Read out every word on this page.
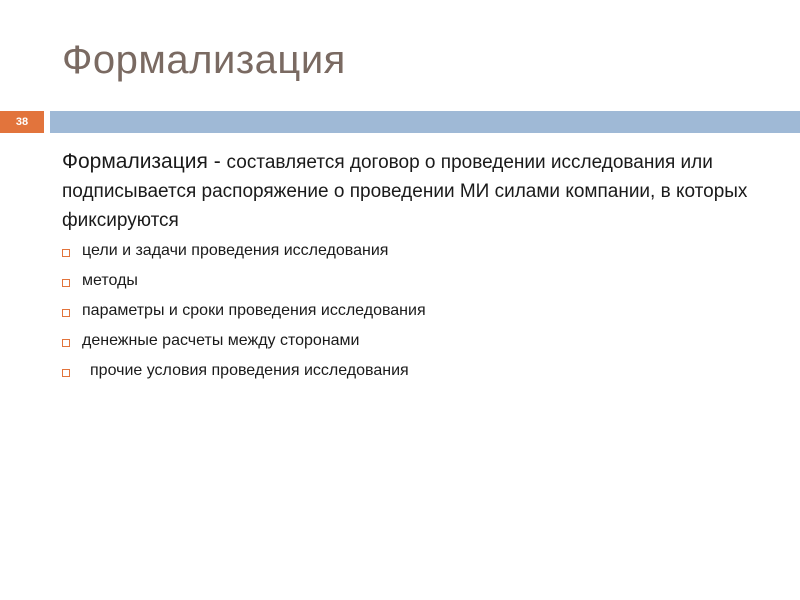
Формализация
38
Формализация - составляется договор о проведении исследования или подписывается распоряжение о проведении МИ силами компании, в которых фиксируются
цели и задачи проведения исследования
методы
параметры и сроки проведения исследования
денежные расчеты между сторонами
прочие условия проведения исследования
